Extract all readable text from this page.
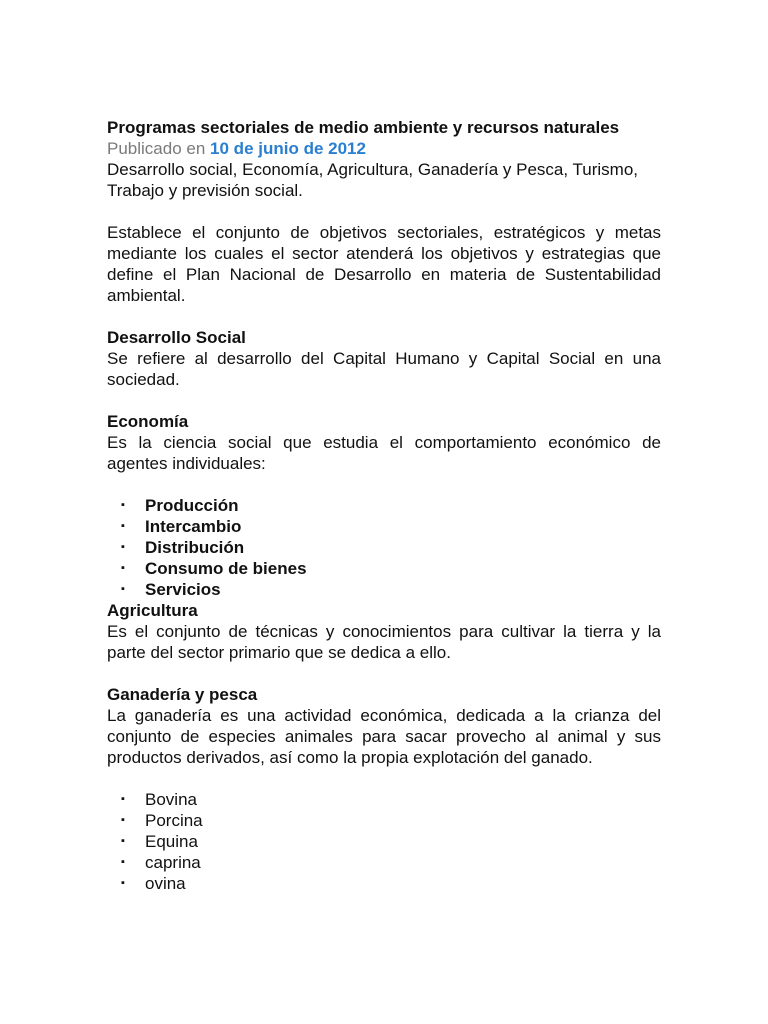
Programas sectoriales de medio ambiente y recursos naturales

Publicado en 10 de junio de 2012

Desarrollo social, Economía, Agricultura, Ganadería y Pesca, Turismo, Trabajo y previsión social.

Establece el conjunto de objetivos sectoriales, estratégicos y metas mediante los cuales el sector atenderá los objetivos y estrategias que define el Plan Nacional de Desarrollo en materia de Sustentabilidad ambiental.

Desarrollo Social

Se refiere al desarrollo del Capital Humano y Capital Social en una sociedad.

Economía

Es la ciencia social que estudia el comportamiento económico de agentes individuales:

▪ Producción
▪ Intercambio
▪ Distribución
▪ Consumo de bienes
▪ Servicios

Agricultura

Es el conjunto de técnicas y conocimientos para cultivar la tierra y la parte del sector primario que se dedica a ello.

Ganadería y pesca

La ganadería es una actividad económica, dedicada a la crianza del conjunto de especies animales para sacar provecho al animal y sus productos derivados, así como la propia explotación del ganado.

▪ Bovina
▪ Porcina
▪ Equina
▪ caprina
▪ ovina
